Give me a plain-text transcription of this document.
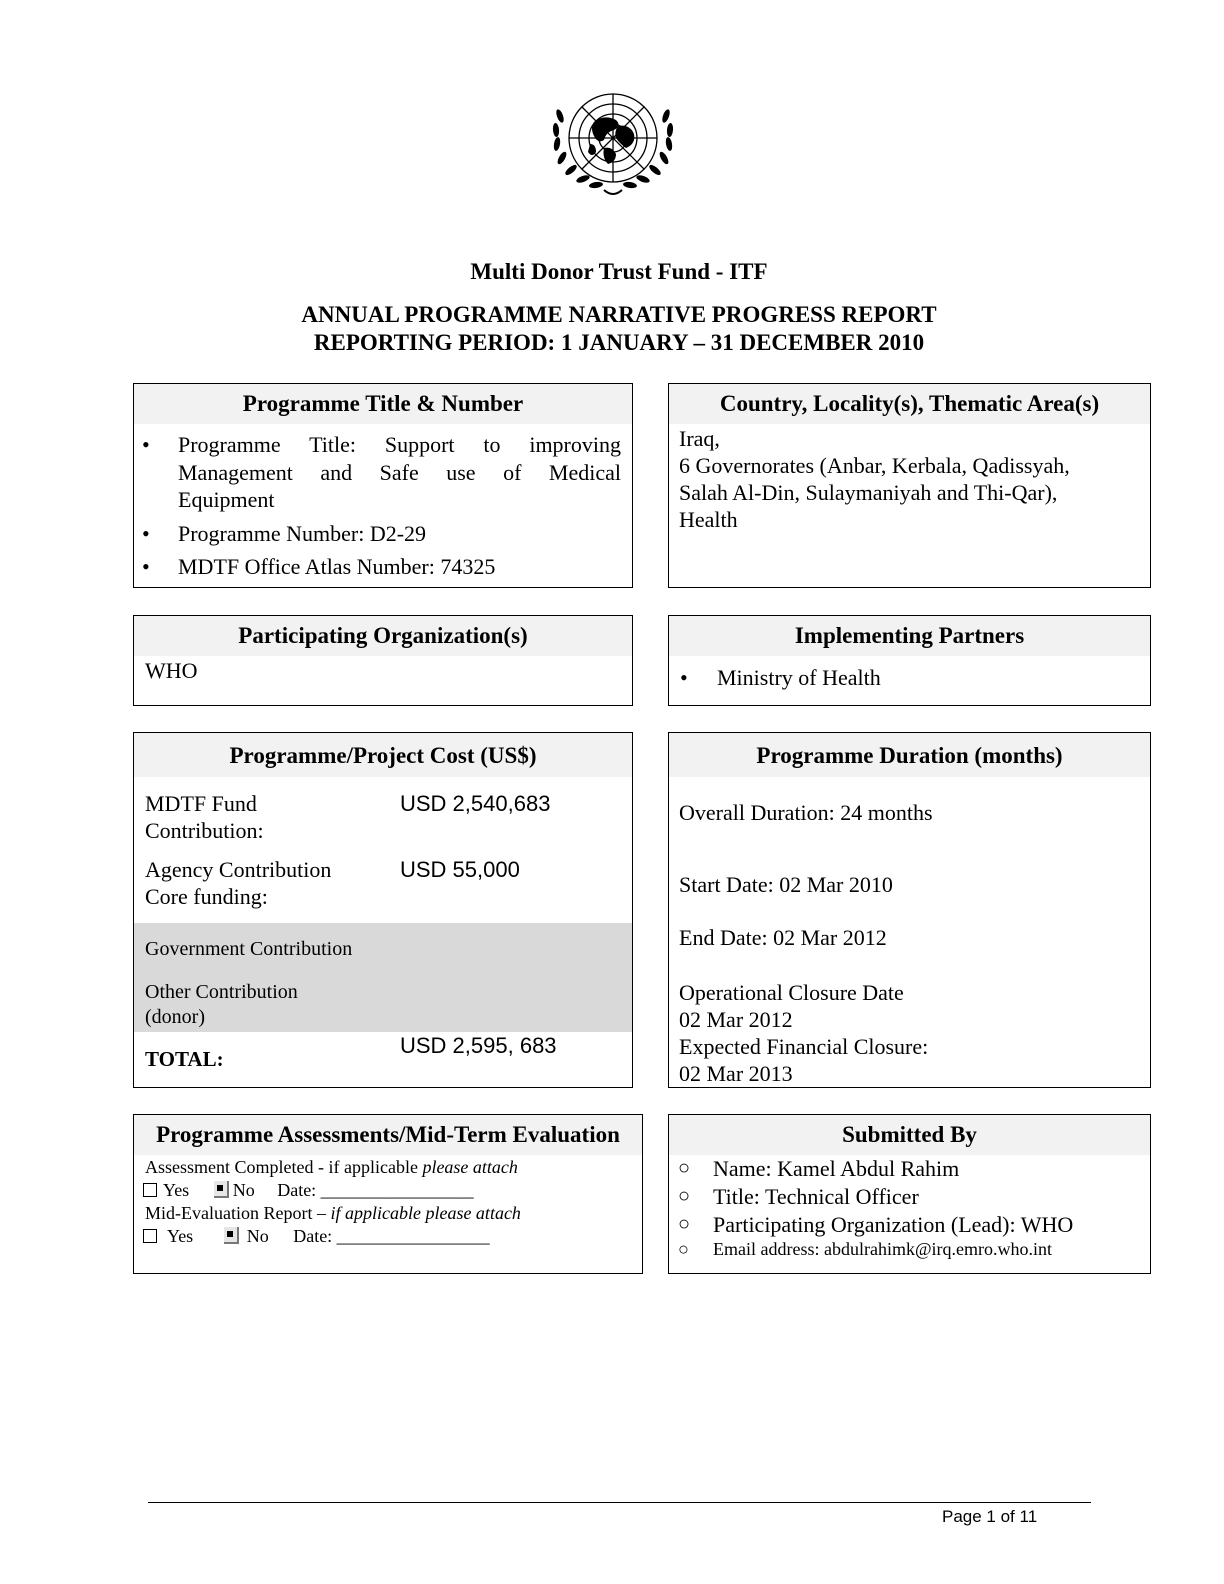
Multi Donor Trust Fund - ITF
ANNUAL PROGRAMME NARRATIVE PROGRESS REPORT
REPORTING PERIOD: 1 JANUARY – 31 DECEMBER 2010
Programme Title & Number
• Programme Title: Support to improving
Management and Safe use of Medical
Equipment
• Programme Number: D2-29
• MDTF Office Atlas Number: 74325
Country, Locality(s), Thematic Area(s)
Iraq,
6 Governorates (Anbar, Kerbala, Qadissyah,
Salah Al-Din, Sulaymaniyah and Thi-Qar),
Health
Participating Organization(s)
WHO
Implementing Partners
• Ministry of Health
Programme/Project Cost (US$)
MDTF Fund
Contribution:
USD 2,540,683
Agency Contribution
Core funding:
USD 55,000
Government Contribution
Other Contribution
(donor)
TOTAL:
USD 2,595, 683
Programme Duration (months)
Overall Duration: 24 months
Start Date: 02 Mar 2010
End Date: 02 Mar 2012
Operational Closure Date
02 Mar 2012
Expected Financial Closure:
02 Mar 2013
Programme Assessments/Mid-Term Evaluation
Assessment Completed - if applicable please attach
Yes No Date: _________________
Mid-Evaluation Report – if applicable please attach
Yes	No Date: _________________
Submitted By
○ Name: Kamel Abdul Rahim
○ Title: Technical Officer
○ Participating Organization (Lead): WHO
○ Email address: abdulrahimk@irq.emro.who.int
Page 1 of 11
